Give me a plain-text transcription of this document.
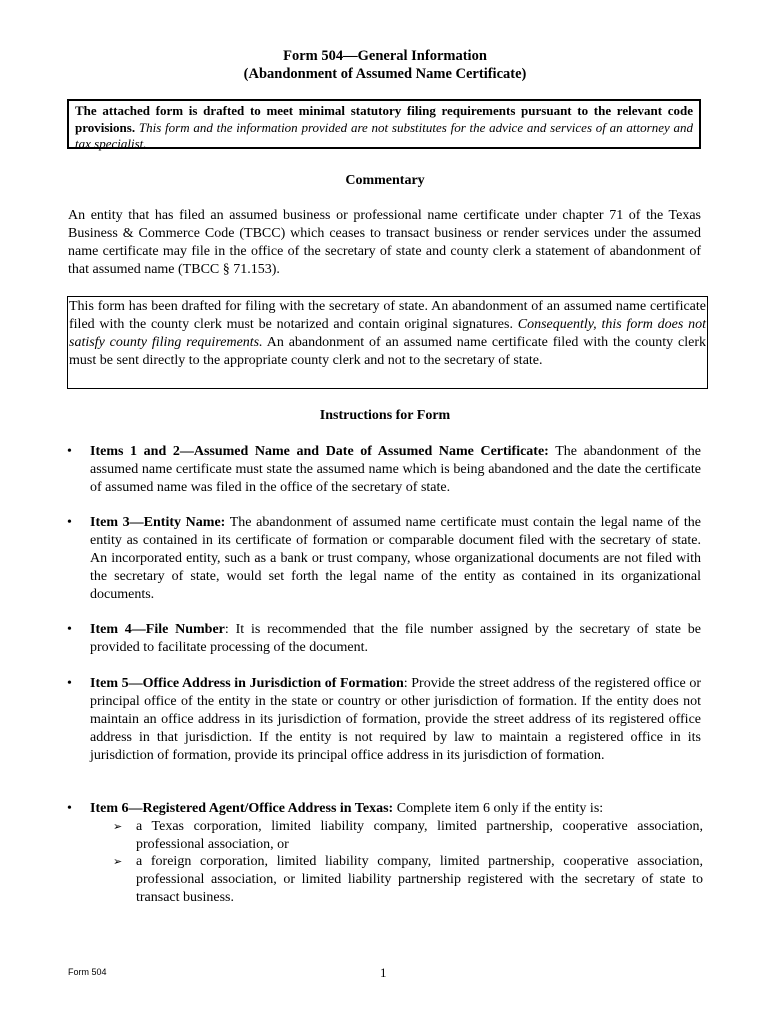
Form 504—General Information
(Abandonment of Assumed Name Certificate)
The attached form is drafted to meet minimal statutory filing requirements pursuant to the relevant code provisions. This form and the information provided are not substitutes for the advice and services of an attorney and tax specialist.
Commentary
An entity that has filed an assumed business or professional name certificate under chapter 71 of the Texas Business & Commerce Code (TBCC) which ceases to transact business or render services under the assumed name certificate may file in the office of the secretary of state and county clerk a statement of abandonment of that assumed name (TBCC § 71.153).
This form has been drafted for filing with the secretary of state. An abandonment of an assumed name certificate filed with the county clerk must be notarized and contain original signatures. Consequently, this form does not satisfy county filing requirements. An abandonment of an assumed name certificate filed with the county clerk must be sent directly to the appropriate county clerk and not to the secretary of state.
Instructions for Form
• Items 1 and 2—Assumed Name and Date of Assumed Name Certificate: The abandonment of the assumed name certificate must state the assumed name which is being abandoned and the date the certificate of assumed name was filed in the office of the secretary of state.
• Item 3—Entity Name: The abandonment of assumed name certificate must contain the legal name of the entity as contained in its certificate of formation or comparable document filed with the secretary of state. An incorporated entity, such as a bank or trust company, whose organizational documents are not filed with the secretary of state, would set forth the legal name of the entity as contained in its organizational documents.
• Item 4—File Number: It is recommended that the file number assigned by the secretary of state be provided to facilitate processing of the document.
• Item 5—Office Address in Jurisdiction of Formation: Provide the street address of the registered office or principal office of the entity in the state or country or other jurisdiction of formation. If the entity does not maintain an office address in its jurisdiction of formation, provide the street address of its registered office address in that jurisdiction. If the entity is not required by law to maintain a registered office in its jurisdiction of formation, provide its principal office address in its jurisdiction of formation.
• Item 6—Registered Agent/Office Address in Texas: Complete item 6 only if the entity is:
➢ a Texas corporation, limited liability company, limited partnership, cooperative association, professional association, or
➢ a foreign corporation, limited liability company, limited partnership, cooperative association, professional association, or limited liability partnership registered with the secretary of state to transact business.
Form 504	1
